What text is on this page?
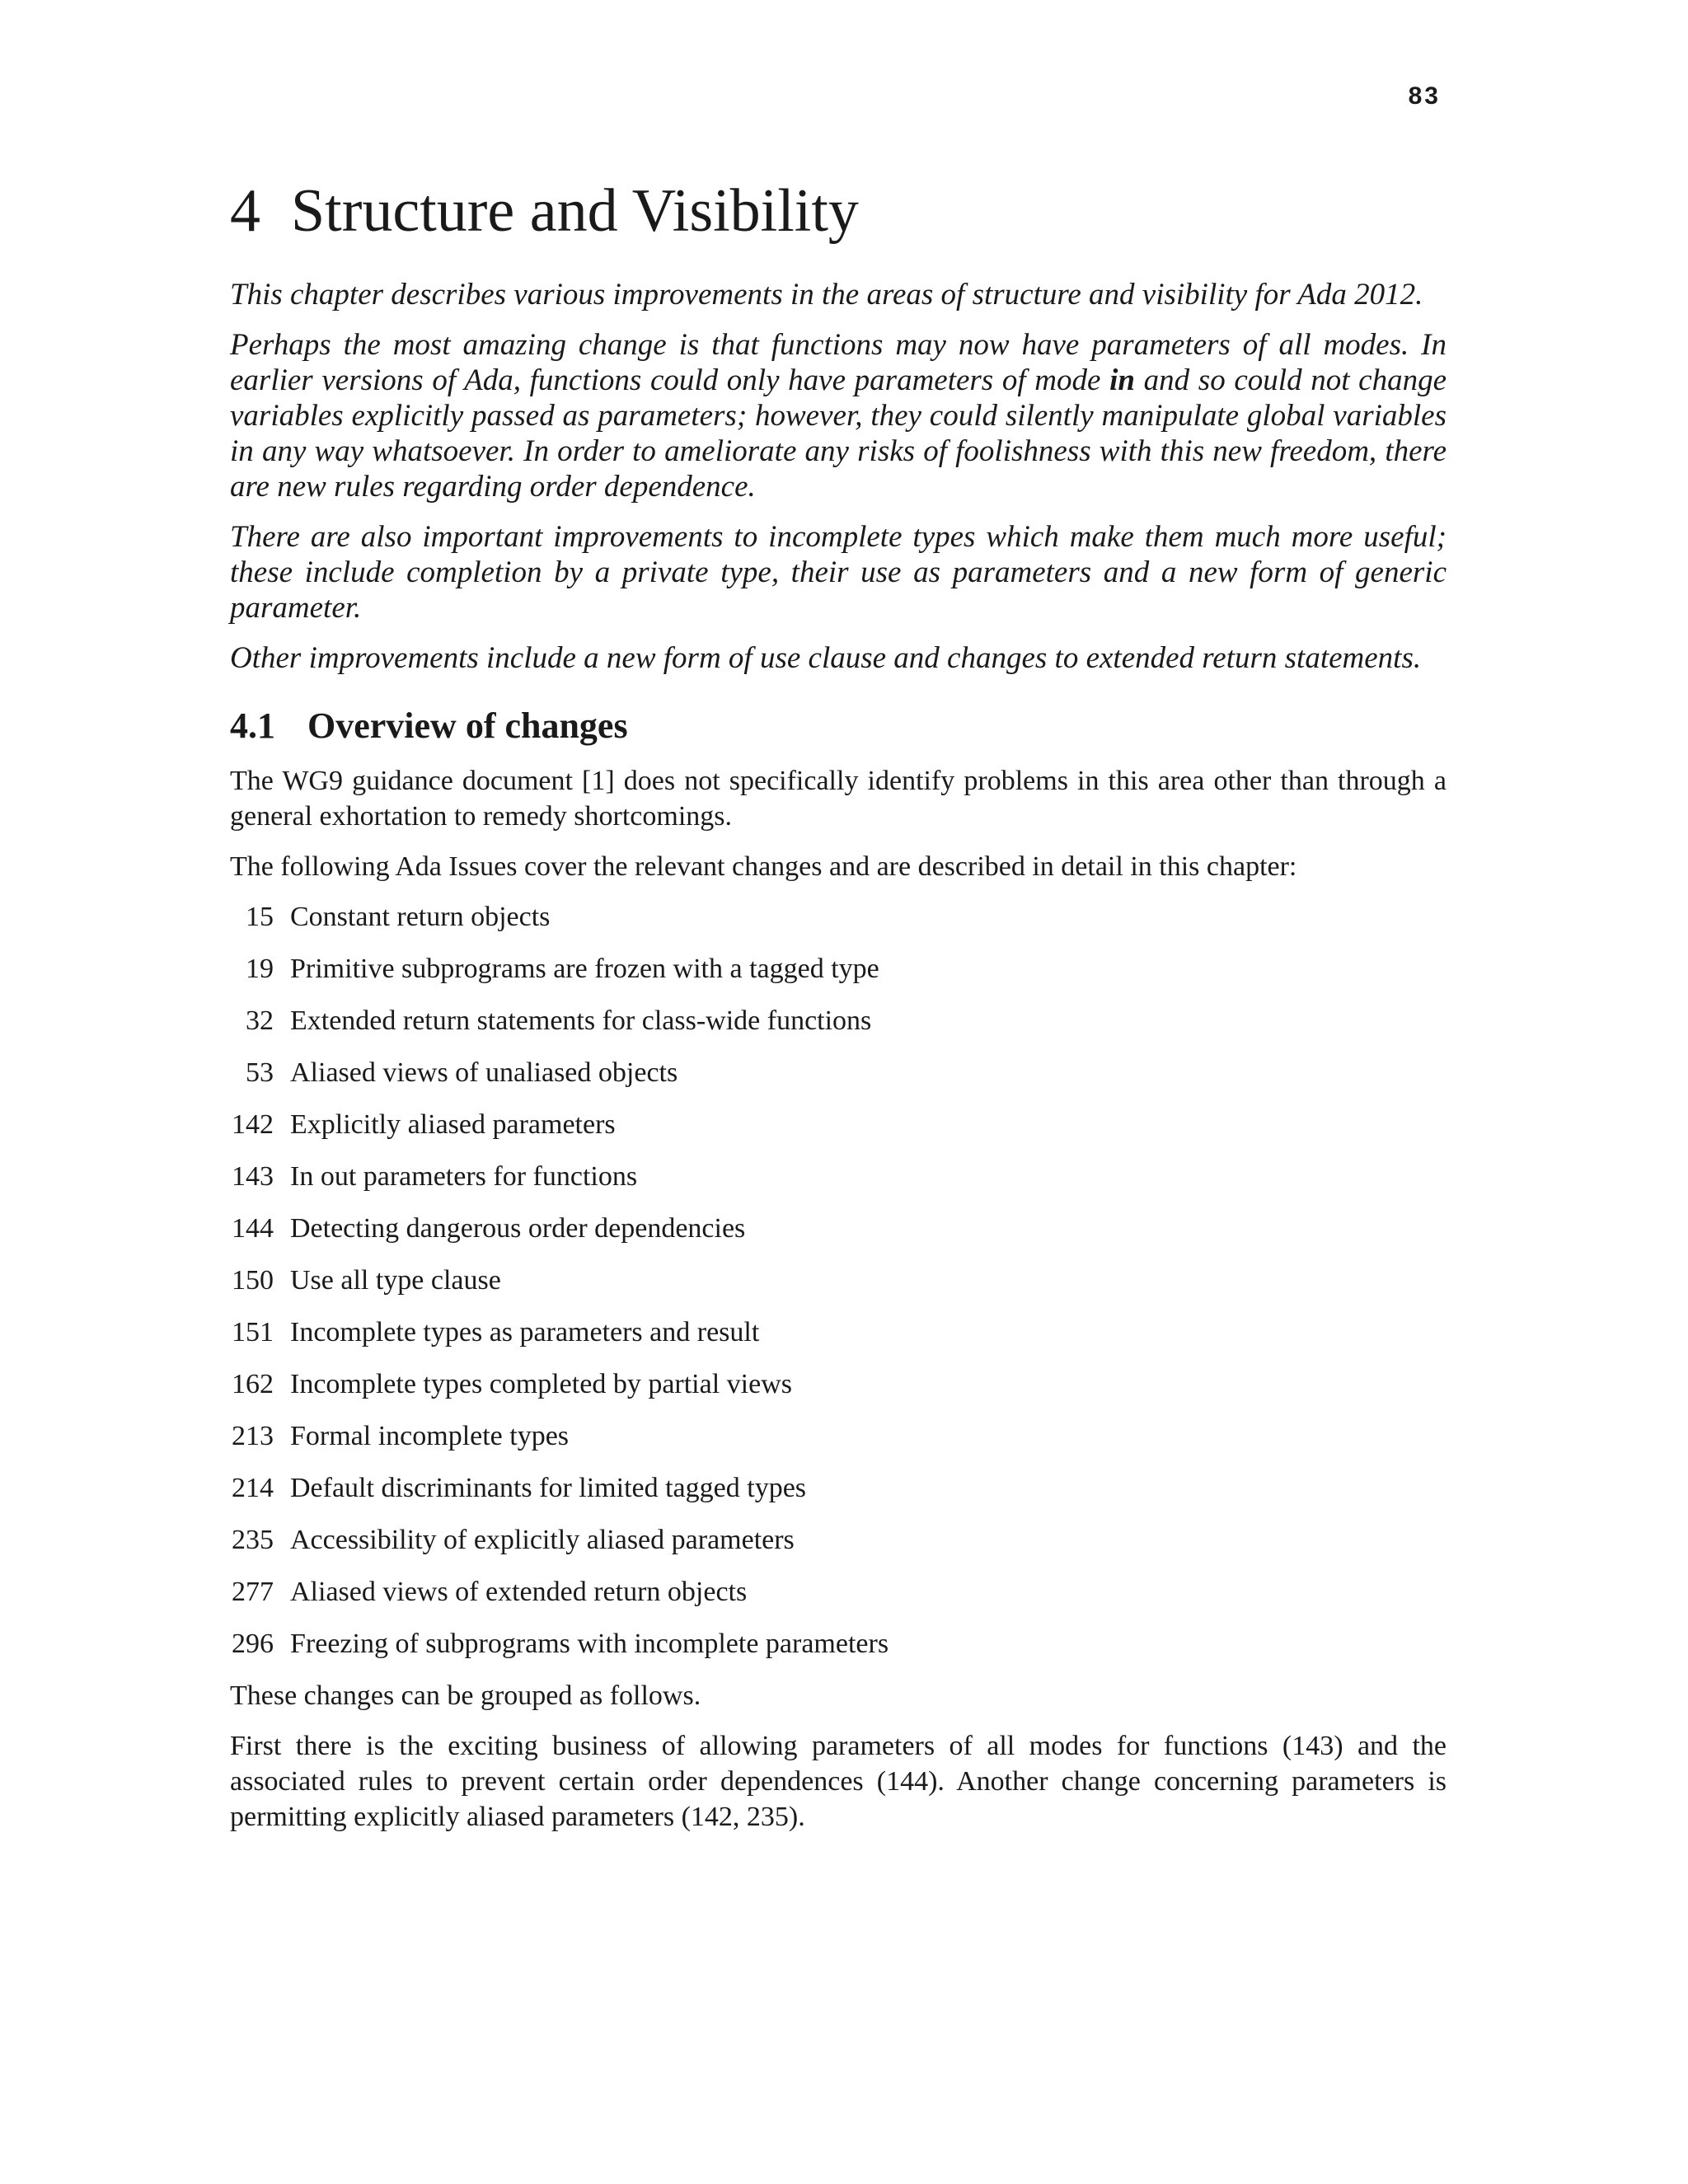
83
4 Structure and Visibility

This chapter describes various improvements in the areas of structure and visibility for Ada 2012.

Perhaps the most amazing change is that functions may now have parameters of all modes. In earlier versions of Ada, functions could only have parameters of mode in and so could not change variables explicitly passed as parameters; however, they could silently manipulate global variables in any way whatsoever. In order to ameliorate any risks of foolishness with this new freedom, there are new rules regarding order dependence.

There are also important improvements to incomplete types which make them much more useful; these include completion by a private type, their use as parameters and a new form of generic parameter.

Other improvements include a new form of use clause and changes to extended return statements.

4.1 Overview of changes

The WG9 guidance document [1] does not specifically identify problems in this area other than through a general exhortation to remedy shortcomings.

The following Ada Issues cover the relevant changes and are described in detail in this chapter:

15 Constant return objects
19 Primitive subprograms are frozen with a tagged type
32 Extended return statements for class-wide functions
53 Aliased views of unaliased objects
142 Explicitly aliased parameters
143 In out parameters for functions
144 Detecting dangerous order dependencies
150 Use all type clause
151 Incomplete types as parameters and result
162 Incomplete types completed by partial views
213 Formal incomplete types
214 Default discriminants for limited tagged types
235 Accessibility of explicitly aliased parameters
277 Aliased views of extended return objects
296 Freezing of subprograms with incomplete parameters

These changes can be grouped as follows.

First there is the exciting business of allowing parameters of all modes for functions (143) and the associated rules to prevent certain order dependences (144). Another change concerning parameters is permitting explicitly aliased parameters (142, 235).
